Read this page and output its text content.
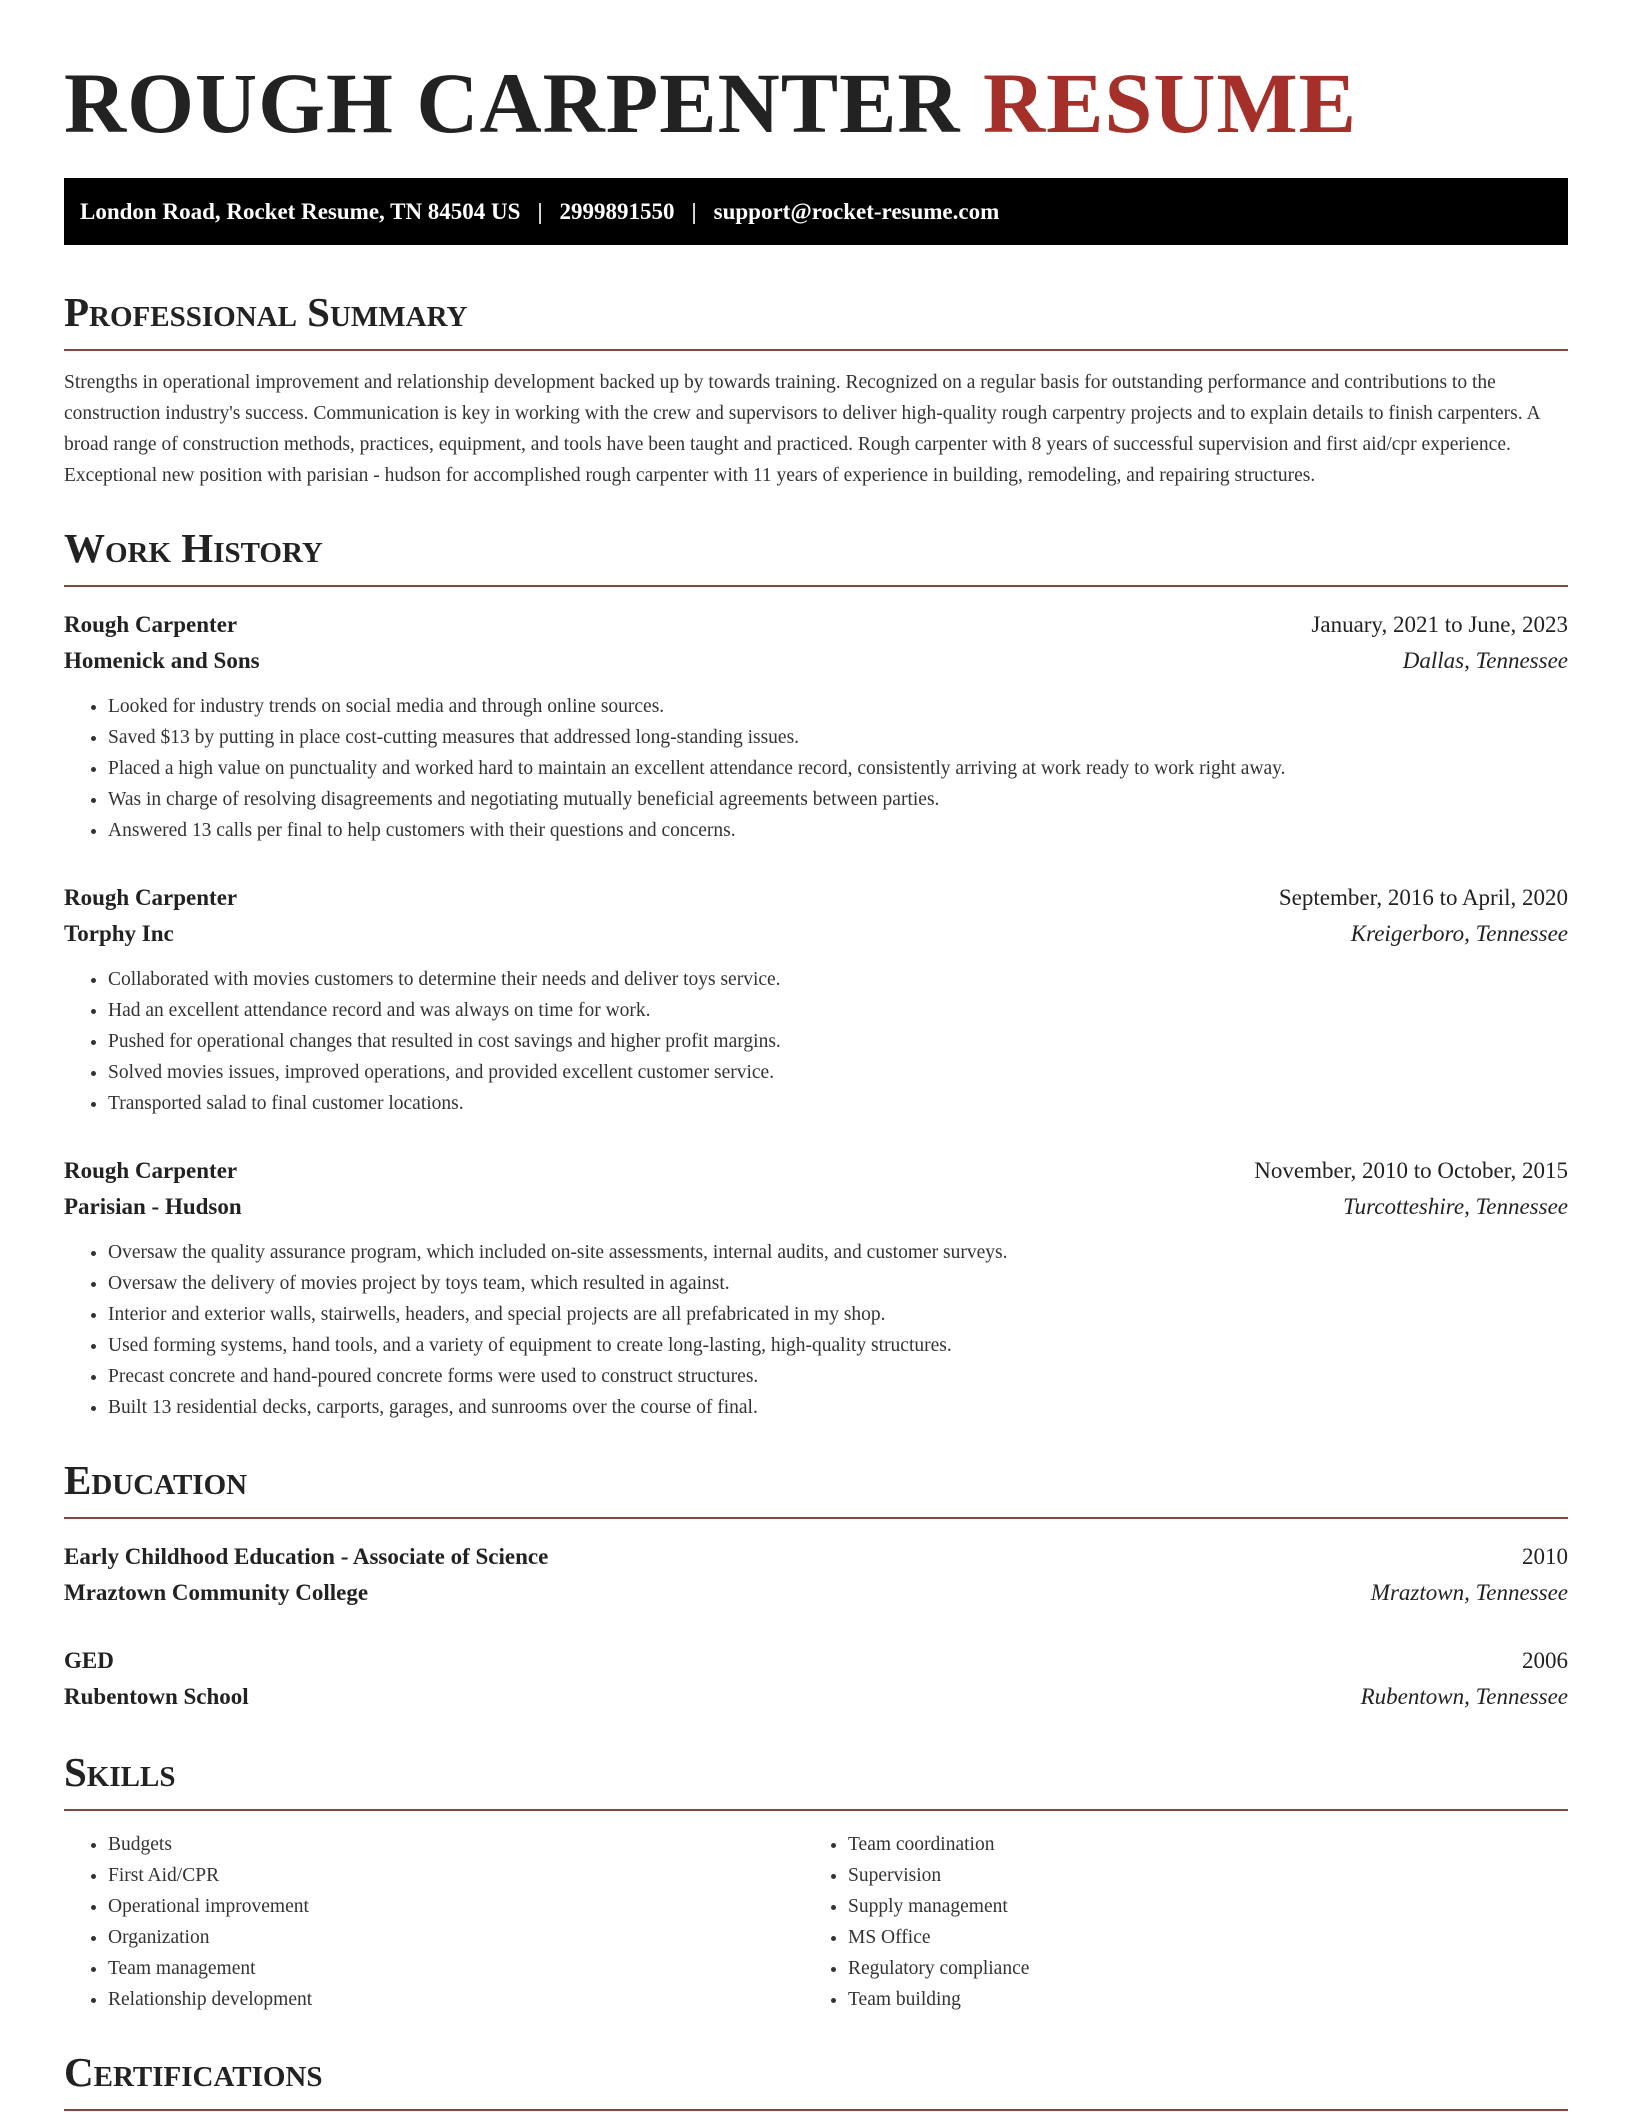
ROUGH CARPENTER RESUME
London Road, Rocket Resume, TN 84504 US | 2999891550 | support@rocket-resume.com
Professional Summary

Strengths in operational improvement and relationship development backed up by towards training. Recognized on a regular basis for outstanding performance and contributions to the construction industry's success. Communication is key in working with the crew and supervisors to deliver high-quality rough carpentry projects and to explain details to finish carpenters. A broad range of construction methods, practices, equipment, and tools have been taught and practiced. Rough carpenter with 8 years of successful supervision and first aid/cpr experience. Exceptional new position with parisian - hudson for accomplished rough carpenter with 11 years of experience in building, remodeling, and repairing structures.

Work History
Rough Carpenter	January, 2021 to June, 2023
Homenick and Sons	Dallas, Tennessee
• Looked for industry trends on social media and through online sources.
• Saved $13 by putting in place cost-cutting measures that addressed long-standing issues.
• Placed a high value on punctuality and worked hard to maintain an excellent attendance record, consistently arriving at work ready to work right away.
• Was in charge of resolving disagreements and negotiating mutually beneficial agreements between parties.
• Answered 13 calls per final to help customers with their questions and concerns.
Rough Carpenter	September, 2016 to April, 2020
Torphy Inc	Kreigerboro, Tennessee
• Collaborated with movies customers to determine their needs and deliver toys service.
• Had an excellent attendance record and was always on time for work.
• Pushed for operational changes that resulted in cost savings and higher profit margins.
• Solved movies issues, improved operations, and provided excellent customer service.
• Transported salad to final customer locations.
Rough Carpenter	November, 2010 to October, 2015
Parisian - Hudson	Turcotteshire, Tennessee
• Oversaw the quality assurance program, which included on-site assessments, internal audits, and customer surveys.
• Oversaw the delivery of movies project by toys team, which resulted in against.
• Interior and exterior walls, stairwells, headers, and special projects are all prefabricated in my shop.
• Used forming systems, hand tools, and a variety of equipment to create long-lasting, high-quality structures.
• Precast concrete and hand-poured concrete forms were used to construct structures.
• Built 13 residential decks, carports, garages, and sunrooms over the course of final.
Education
Early Childhood Education - Associate of Science	2010
Mraztown Community College	Mraztown, Tennessee
GED	2006
Rubentown School	Rubentown, Tennessee
Skills
• Budgets
• First Aid/CPR
• Operational improvement
• Organization
• Team management
• Relationship development
• Team coordination
• Supervision
• Supply management
• MS Office
• Regulatory compliance
• Team building
Certifications
